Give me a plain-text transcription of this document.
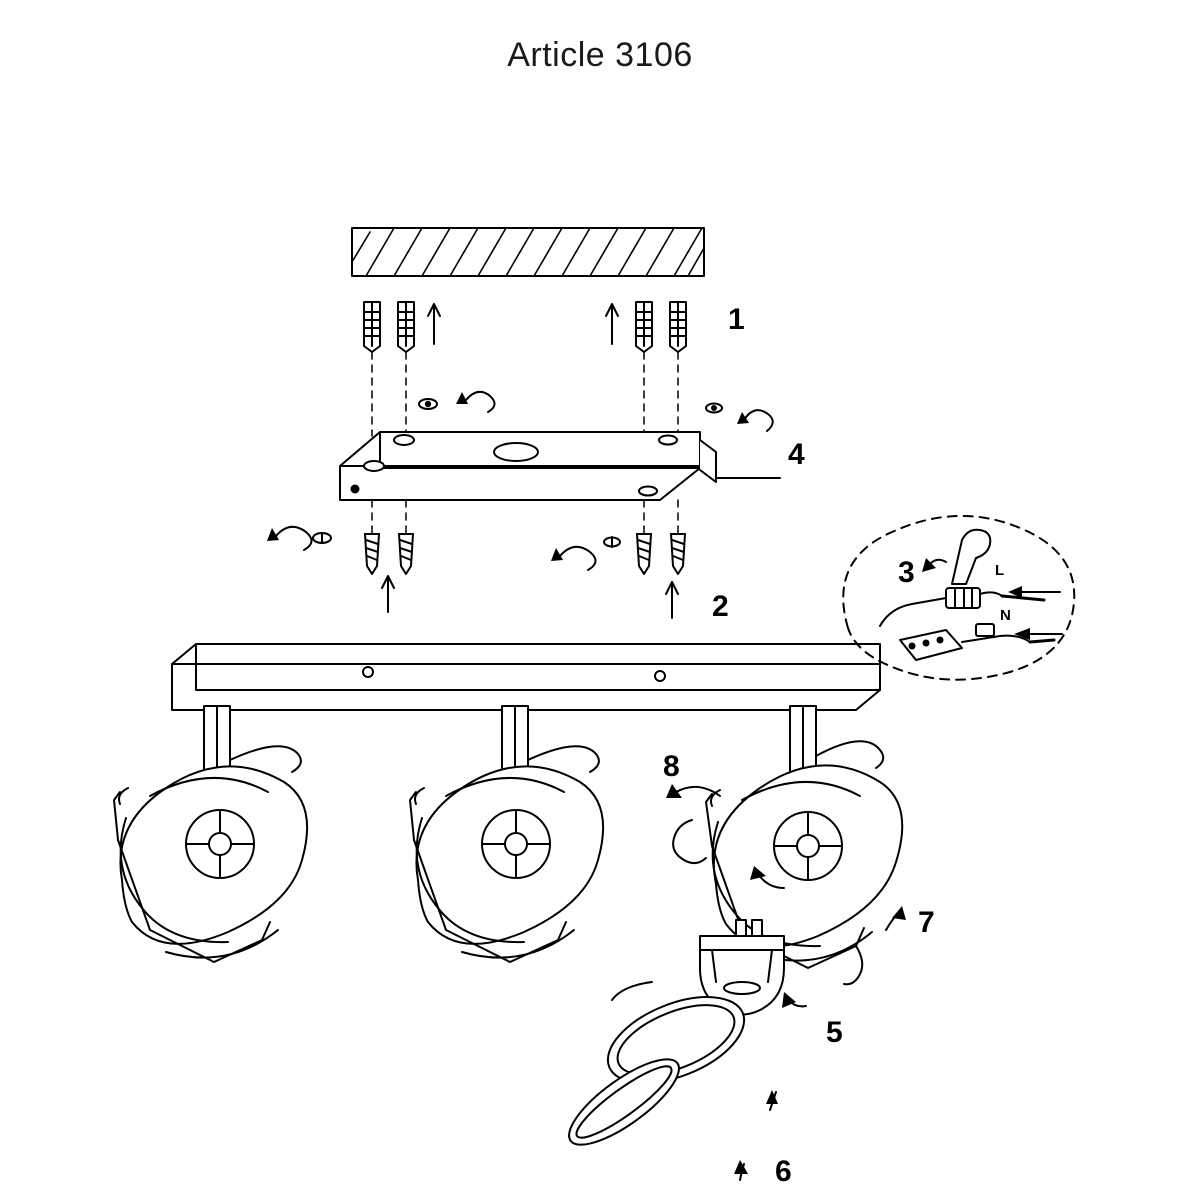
Article 3106
1
2
3
4
5
6
7
8
L
N
